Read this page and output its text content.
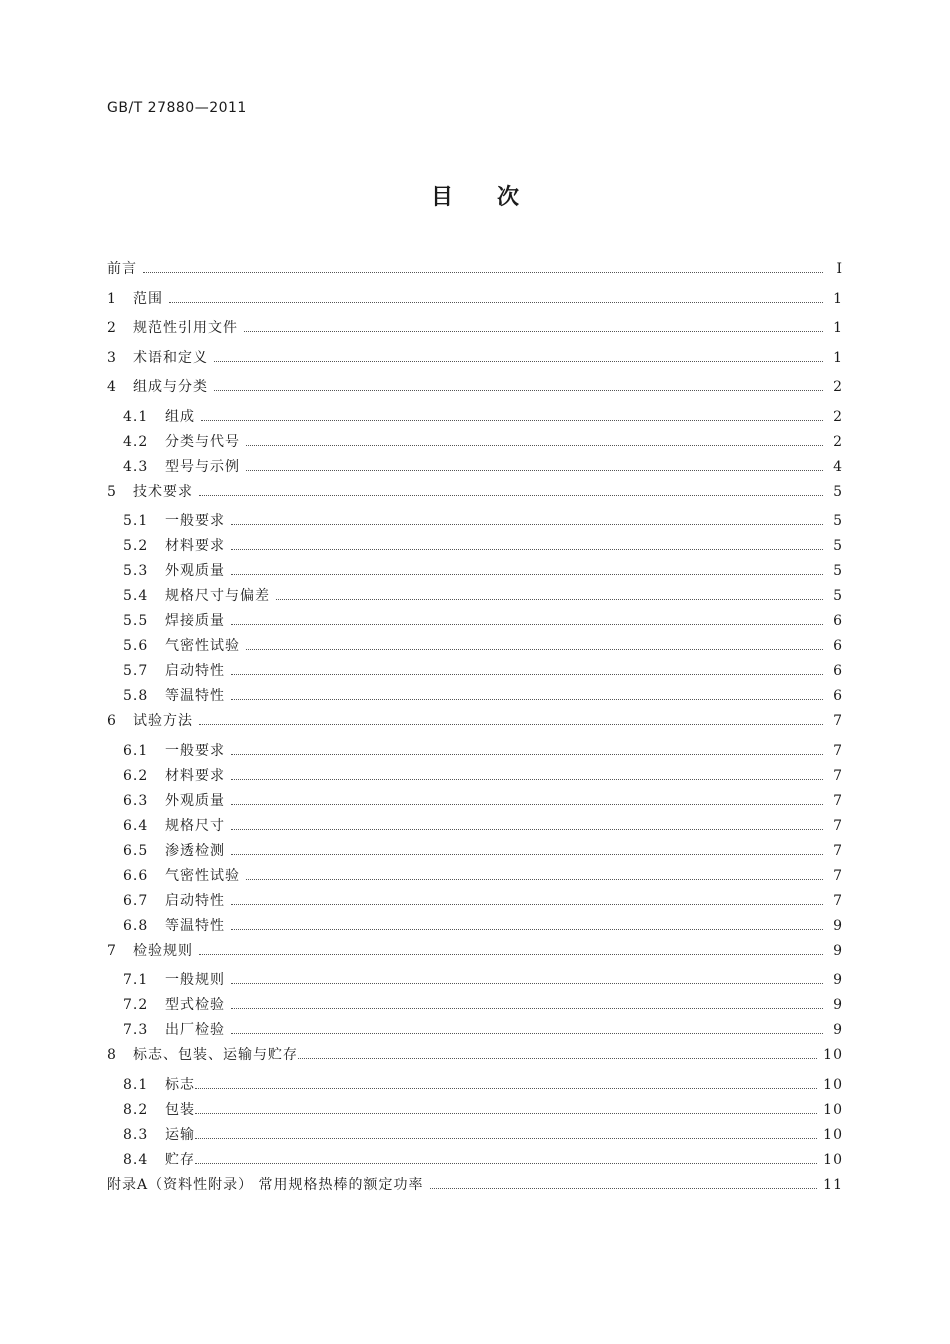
GB/T 27880—2011
目次
前言	Ⅰ
1	范围	1
2	规范性引用文件	1
3	术语和定义	1
4	组成与分类	2
4.1	组成	2
4.2	分类与代号	2
4.3	型号与示例	4
5	技术要求	5
5.1	一般要求	5
5.2	材料要求	5
5.3	外观质量	5
5.4	规格尺寸与偏差	5
5.5	焊接质量	6
5.6	气密性试验	6
5.7	启动特性	6
5.8	等温特性	6
6	试验方法	7
6.1	一般要求	7
6.2	材料要求	7
6.3	外观质量	7
6.4	规格尺寸	7
6.5	渗透检测	7
6.6	气密性试验	7
6.7	启动特性	7
6.8	等温特性	9
7	检验规则	9
7.1	一般规则	9
7.2	型式检验	9
7.3	出厂检验	9
8	标志、包装、运输与贮存	10
8.1	标志	10
8.2	包装	10
8.3	运输	10
8.4	贮存	10
附录A（资料性附录） 常用规格热棒的额定功率	11
